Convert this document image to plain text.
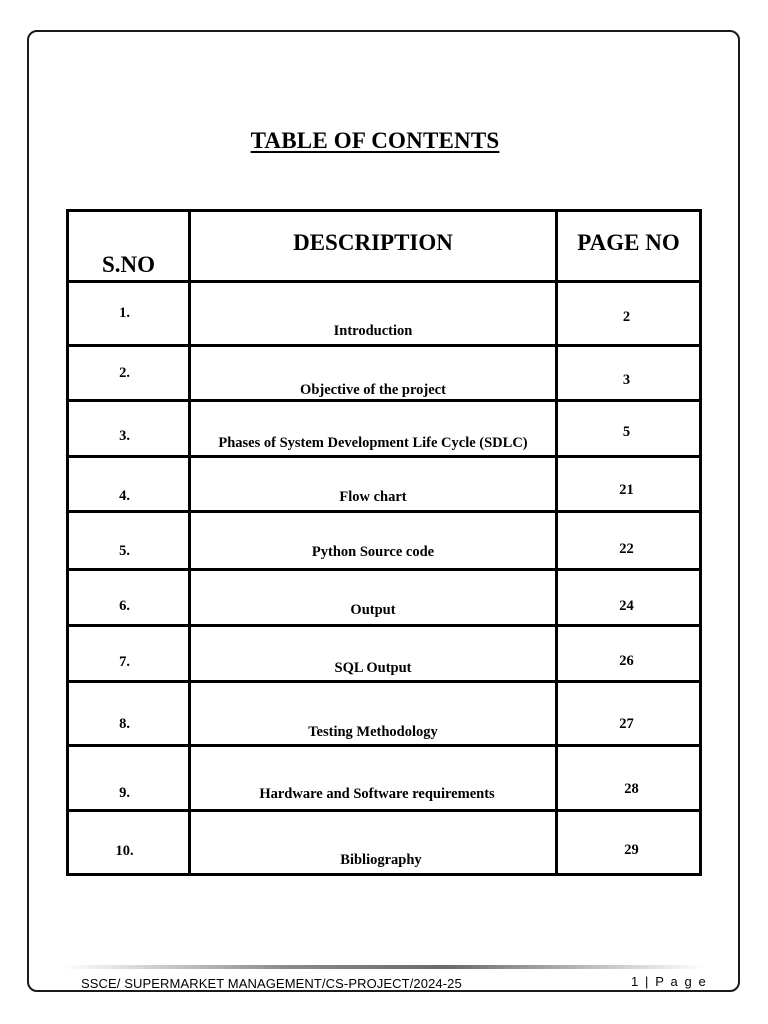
TABLE OF CONTENTS
S.NO	DESCRIPTION	PAGE NO
1.	Introduction	2
2.	Objective of the project	3
3.	Phases of System Development Life Cycle (SDLC)	5
4.	Flow chart	21
5.	Python Source code	22
6.	Output	24
7.	SQL Output	26
8.	Testing Methodology	27
9.	Hardware and Software requirements	28
10.	Bibliography	29
SSCE/ SUPERMARKET MANAGEMENT/CS-PROJECT/2024-25	1 | P a g e
